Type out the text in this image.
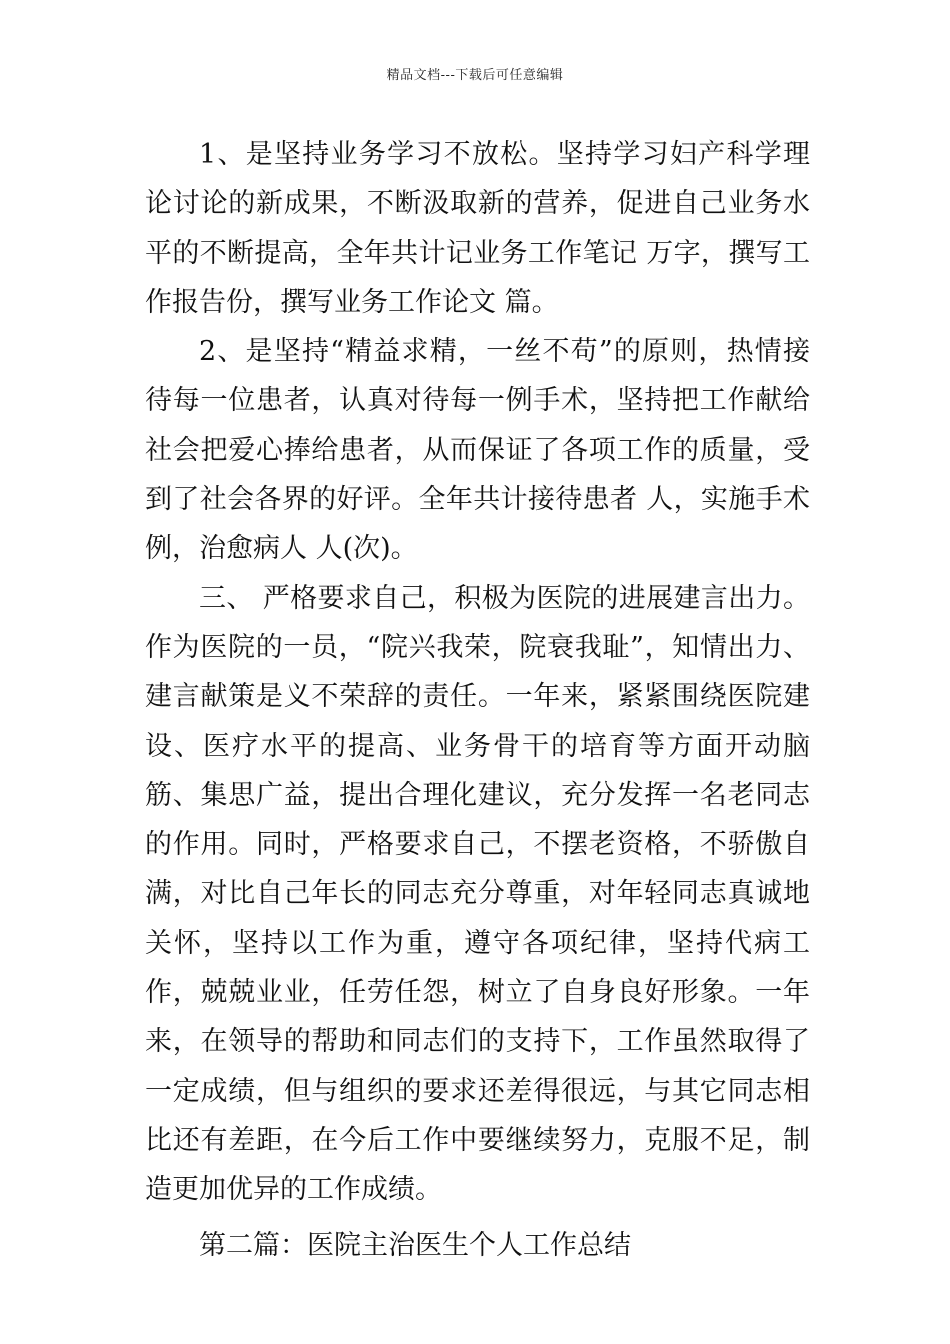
精品文档---下载后可任意编辑

1、是坚持业务学习不放松。坚持学习妇产科学理论讨论的新成果，不断汲取新的营养，促进自己业务水平的不断提高，全年共计记业务工作笔记 万字，撰写工作报告份，撰写业务工作论文 篇。

2、是坚持“精益求精，一丝不苟”的原则，热情接待每一位患者，认真对待每一例手术，坚持把工作献给社会把爱心捧给患者，从而保证了各项工作的质量，受到了社会各界的好评。全年共计接待患者 人，实施手术 例，治愈病人 人(次)。

三、 严格要求自己，积极为医院的进展建言出力。作为医院的一员，“院兴我荣，院衰我耻”，知情出力、建言献策是义不荣辞的责任。一年来，紧紧围绕医院建设、医疗水平的提高、业务骨干的培育等方面开动脑筋、集思广益，提出合理化建议，充分发挥一名老同志的作用。同时，严格要求自己，不摆老资格，不骄傲自满，对比自己年长的同志充分尊重，对年轻同志真诚地关怀，坚持以工作为重，遵守各项纪律，坚持代病工作，兢兢业业，任劳任怨，树立了自身良好形象。一年来，在领导的帮助和同志们的支持下，工作虽然取得了一定成绩，但与组织的要求还差得很远，与其它同志相比还有差距，在今后工作中要继续努力，克服不足，制造更加优异的工作成绩。

第二篇：医院主治医生个人工作总结
